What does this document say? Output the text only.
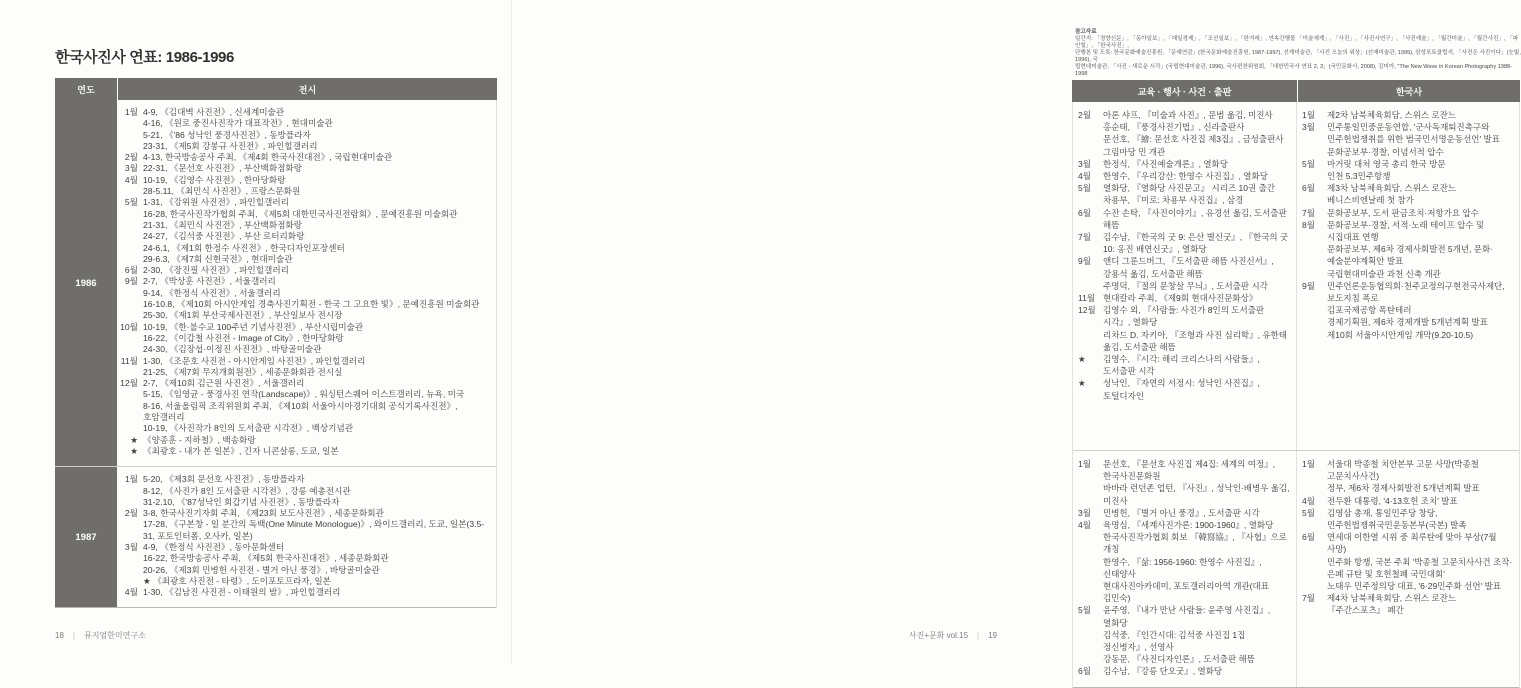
한국사진사 연표: 1986-1996
연도	전시
1986
1월 4-9, 《김대벽 사진전》, 신세계미술관
4-16, 《원로 중진사진작가 대표작전》, 현대미술관
5-21, 《'86 성낙인 풍경사진전》, 동방플라자
23-31, 《제5회 강봉규 사진전》, 파인힐갤러리
2월 4-13, 한국방송공사 주최, 《제4회 한국사진대전》, 국립현대미술관
3월 22-31, 《문선호 사진전》, 부산백화점화랑
4월 10-19, 《김영수 사진전》, 한마당화랑
28-5.11, 《최민식 사진전》, 프랑스문화원
5월 1-31, 《강위원 사진전》, 파인힐갤러리
16-28, 한국사진작가협회 주최, 《제5회 대한민국사진전람회》, 문예진흥원 미술회관
21-31, 《최민식 사진전》, 부산백화점화랑
24-27, 《김석중 사진전》, 부산 로터리화랑
24-6.1, 《제1회 한정수 사진전》, 한국디자인포장센터
29-6.3, 《제7회 신현국전》, 현대미술관
6월 2-30, 《장진필 사진전》, 파인힐갤러리
9월 2-7, 《박상훈 사진전》, 서울갤러리
9-14, 《한정식 사진전》, 서울갤러리
16-10.8, 《제10회 아시안게임 경축사진기획전 - 한국 그 고요한 빛》, 문예진흥원 미술회관
25-30, 《제1회 부산국제사진전》, 부산일보사 전시장
10월 10-19, 《한·불수교 100주년 기념사진전》, 부산시립미술관
16-22, 《이갑철 사진전 - Image of City》, 한마당화랑
24-30, 《김장섭·이정진 사진전》, 바탕골미술관
11월 1-30, 《조문호 사진전 - 아시안게임 사진전》, 파인힐갤러리
21-25, 《제7회 무지개회원전》, 세종문화회관 전시실
12월 2-7, 《제10회 김근원 사진전》, 서울갤러리
5-15, 《임영균 - 풍경사진 연작(Landscape)》, 워싱턴스퀘어 이스트갤러리, 뉴욕, 미국
8-16, 서울올림픽 조직위원회 주최, 《제10회 서울아시아경기대회 공식기록사진전》, 호암갤러리
10-19, 《사진작가 8인의 도서출판 시각전》, 백상기념관
★ 《양종훈 - 지하철》, 백송화랑
★ 《최광호 - 내가 본 일본》, 긴자 니콘살롱, 도쿄, 일본
1987
1월 5-20, 《제3회 문선호 사진전》, 동방플라자
8-12, 《사진가 8인 도서출판 시각전》, 강릉 예총전시관
31-2.10, 《'87성낙인 회갑기념 사진전》, 동방플라자
2월 3-8, 한국사진기자회 주최, 《제23회 보도사진전》, 세종문화회관
17-28, 《구본창 - 일 분간의 독백(One Minute Monologue)》, 와이드갤러리, 도쿄, 일본(3.5-31, 포토인터폼, 오사카, 일본)
3월 4-9, 《한정식 사진전》, 동아문화센터
16-22, 한국방송공사 주최, 《제5회 한국사진대전》, 세종문화회관
20-26, 《제3회 민병헌 사진전 - 별거 아닌 풍경》, 바탕골미술관
★ 《최광호 사진전 - 타령》, 도이포토프라자, 일본
4월 1-30, 《김남진 사진전 - 이태원의 밤》, 파인힐갤러리
18 | 뮤지엄한미연구소
참고자료
일간지: 「경향신문」, 「동아일보」, 「매일경제」, 「조선일보」, 「한겨레」, 연속간행물 「미술세계」, 「사진」, 「사진사연구」, 「사진예술」, 「월간미술」, 「월간사진」, 「파인힐」, 「한국사진」,
단행본 및 도록: 한국문화예술진흥원, 「문예연감」(한국문화예술진흥원, 1987-1997), 선재미술관, 「사진 오늘의 위상」(선재미술관, 1995), 삼성포토클럽지, 「사진은 사진이다」(눈빛, 1996), 국
립현대미술관, 「사진 - 새로운 시각」(국립현대미술관, 1996), 국사편찬위원회, 「대한민국사 연표 2, 3」(국민문화사, 2008), 김미아, "The New Wave in Korean Photography 1988-1998
교육 · 행사 · 사건 · 출판	한국사
2월	아론 샤프, 『미술과 사진』, 문범 옮김, 미진사
홍순태, 『풍경사진기법』, 신라출판사
문선호, 『繪: 문선호 사진집 제3집』, 금성출판사
그림마당 민 개관
3월	한정식, 『사진예술개론』, 열화당
4월	한영수, 『우리강산: 한영수 사진집』, 열화당
5월	열화당, 『열화당 사진문고』 시리즈 10권 출간
차용부, 『미로: 차용부 사진집』, 삼경
6월	수잔 손탁, 『사진이야기』, 유경선 옮김, 도서출판 해뜸
7월	김수남, 『한국의 굿 9: 은산 별신굿』, 『한국의 굿 10: 옹진 배연신굿』, 열화당
9월	앤디 그룬드버그, 『도서출판 해뜸 사진신서』, 강용석 옮김, 도서출판 해뜸
주명덕, 『절의 문창살 무늬』, 도서출판 시각
11월 현대칼라 주최, 《제9회 현대사진문화상》
12월 김영수 외, 『사람들: 사진가 8인의 도서출판 시각』, 열화당
리차드 D. 자키아, 『조형과 사진 심리학』, 유한태 옮김, 도서출판 해뜸
★	김영수, 『시각: 해리 크리스나의 사람들』, 도서출판 시각
★	성낙인, 『자연의 서정시: 성낙인 사진집』, 토털디자인
1월	제2차 남북체육회담, 스위스 로잔느
3월	민주통일민중운동연합, '군사독재퇴진촉구와 민주헌법쟁취를 위한 범국민서명운동선언' 발표
문화공보부·경찰, 이념서적 압수
5월	마거릿 대처 영국 총리 한국 방문
인천 5.3민주항쟁
6월	제3차 남북체육회담, 스위스 로잔느
베니스비엔날레 첫 참가
7월	문화공보부, 도서 판금조치·저항가요 압수
8월	문화공보부·경찰, 서적·노래 테이프 압수 및 시집대표 연행
문화공보부, 제6차 경제사회발전 5개년, 문화·예술분야계획안 발표
국립현대미술관 과천 신축 개관
9월	민주언론운동협의회·천주교정의구현전국사제단, 보도지침 폭로
김포국제공항 폭탄테러
경제기획원, 제6차 경제개발 5개년계획 발표
제10회 서울아시안게임 개막(9.20-10.5)
1월	문선호, 『문선호 사진집 제4집: 세계의 여정』, 한국사진문화원
바바라 런던존 업턴, 『사진』, 성낙인·배병우 옮김, 미진사
3월	민병헌, 『별거 아닌 풍경』, 도서출판 시각
4월	육명심, 『세계사진가론: 1900-1960』, 열화당
한국사진작가협회 회보 『韓寫協』, 『사협』으로 개칭
한영수, 『삶: 1956-1960: 한영수 사진집』, 신태양사
현대사진아카데미, 포토갤러리아역 개관(대표 김민숙)
5월	윤주영, 『내가 만난 사람들: 윤주영 사진집』, 열화당
김석중, 『인간시대: 김석중 사진집 1집 정신병자』, 선영사
강동문, 『사진디자인론』, 도서출판 해뜸
6월	김수남, 『강릉 단오굿』, 열화당
1월	서울대 박종철 치안본부 고문 사망(박종철 고문치사사건)
정부, 제6차 경제사회발전 5개년계획 발표
4월	전두환 대통령, '4·13호헌 조치' 발표
5월	김영삼 총재, 통일민주당 창당, 민주헌법쟁취국민운동본부(국본) 발족
6월	연세대 이한열 시위 중 최루탄에 맞아 부상(7월 사망)
민주화 항쟁, 국본 주최 '박종철 고문치사사건 조작·은폐 규탄 및 호헌철폐 국민대회'
노태우 민주정의당 대표, '6·29민주화 선언' 발표
7월	제4차 남북체육회담, 스위스 로잔느
『주간스포츠』 폐간
사진+문화 vol.15 | 19
